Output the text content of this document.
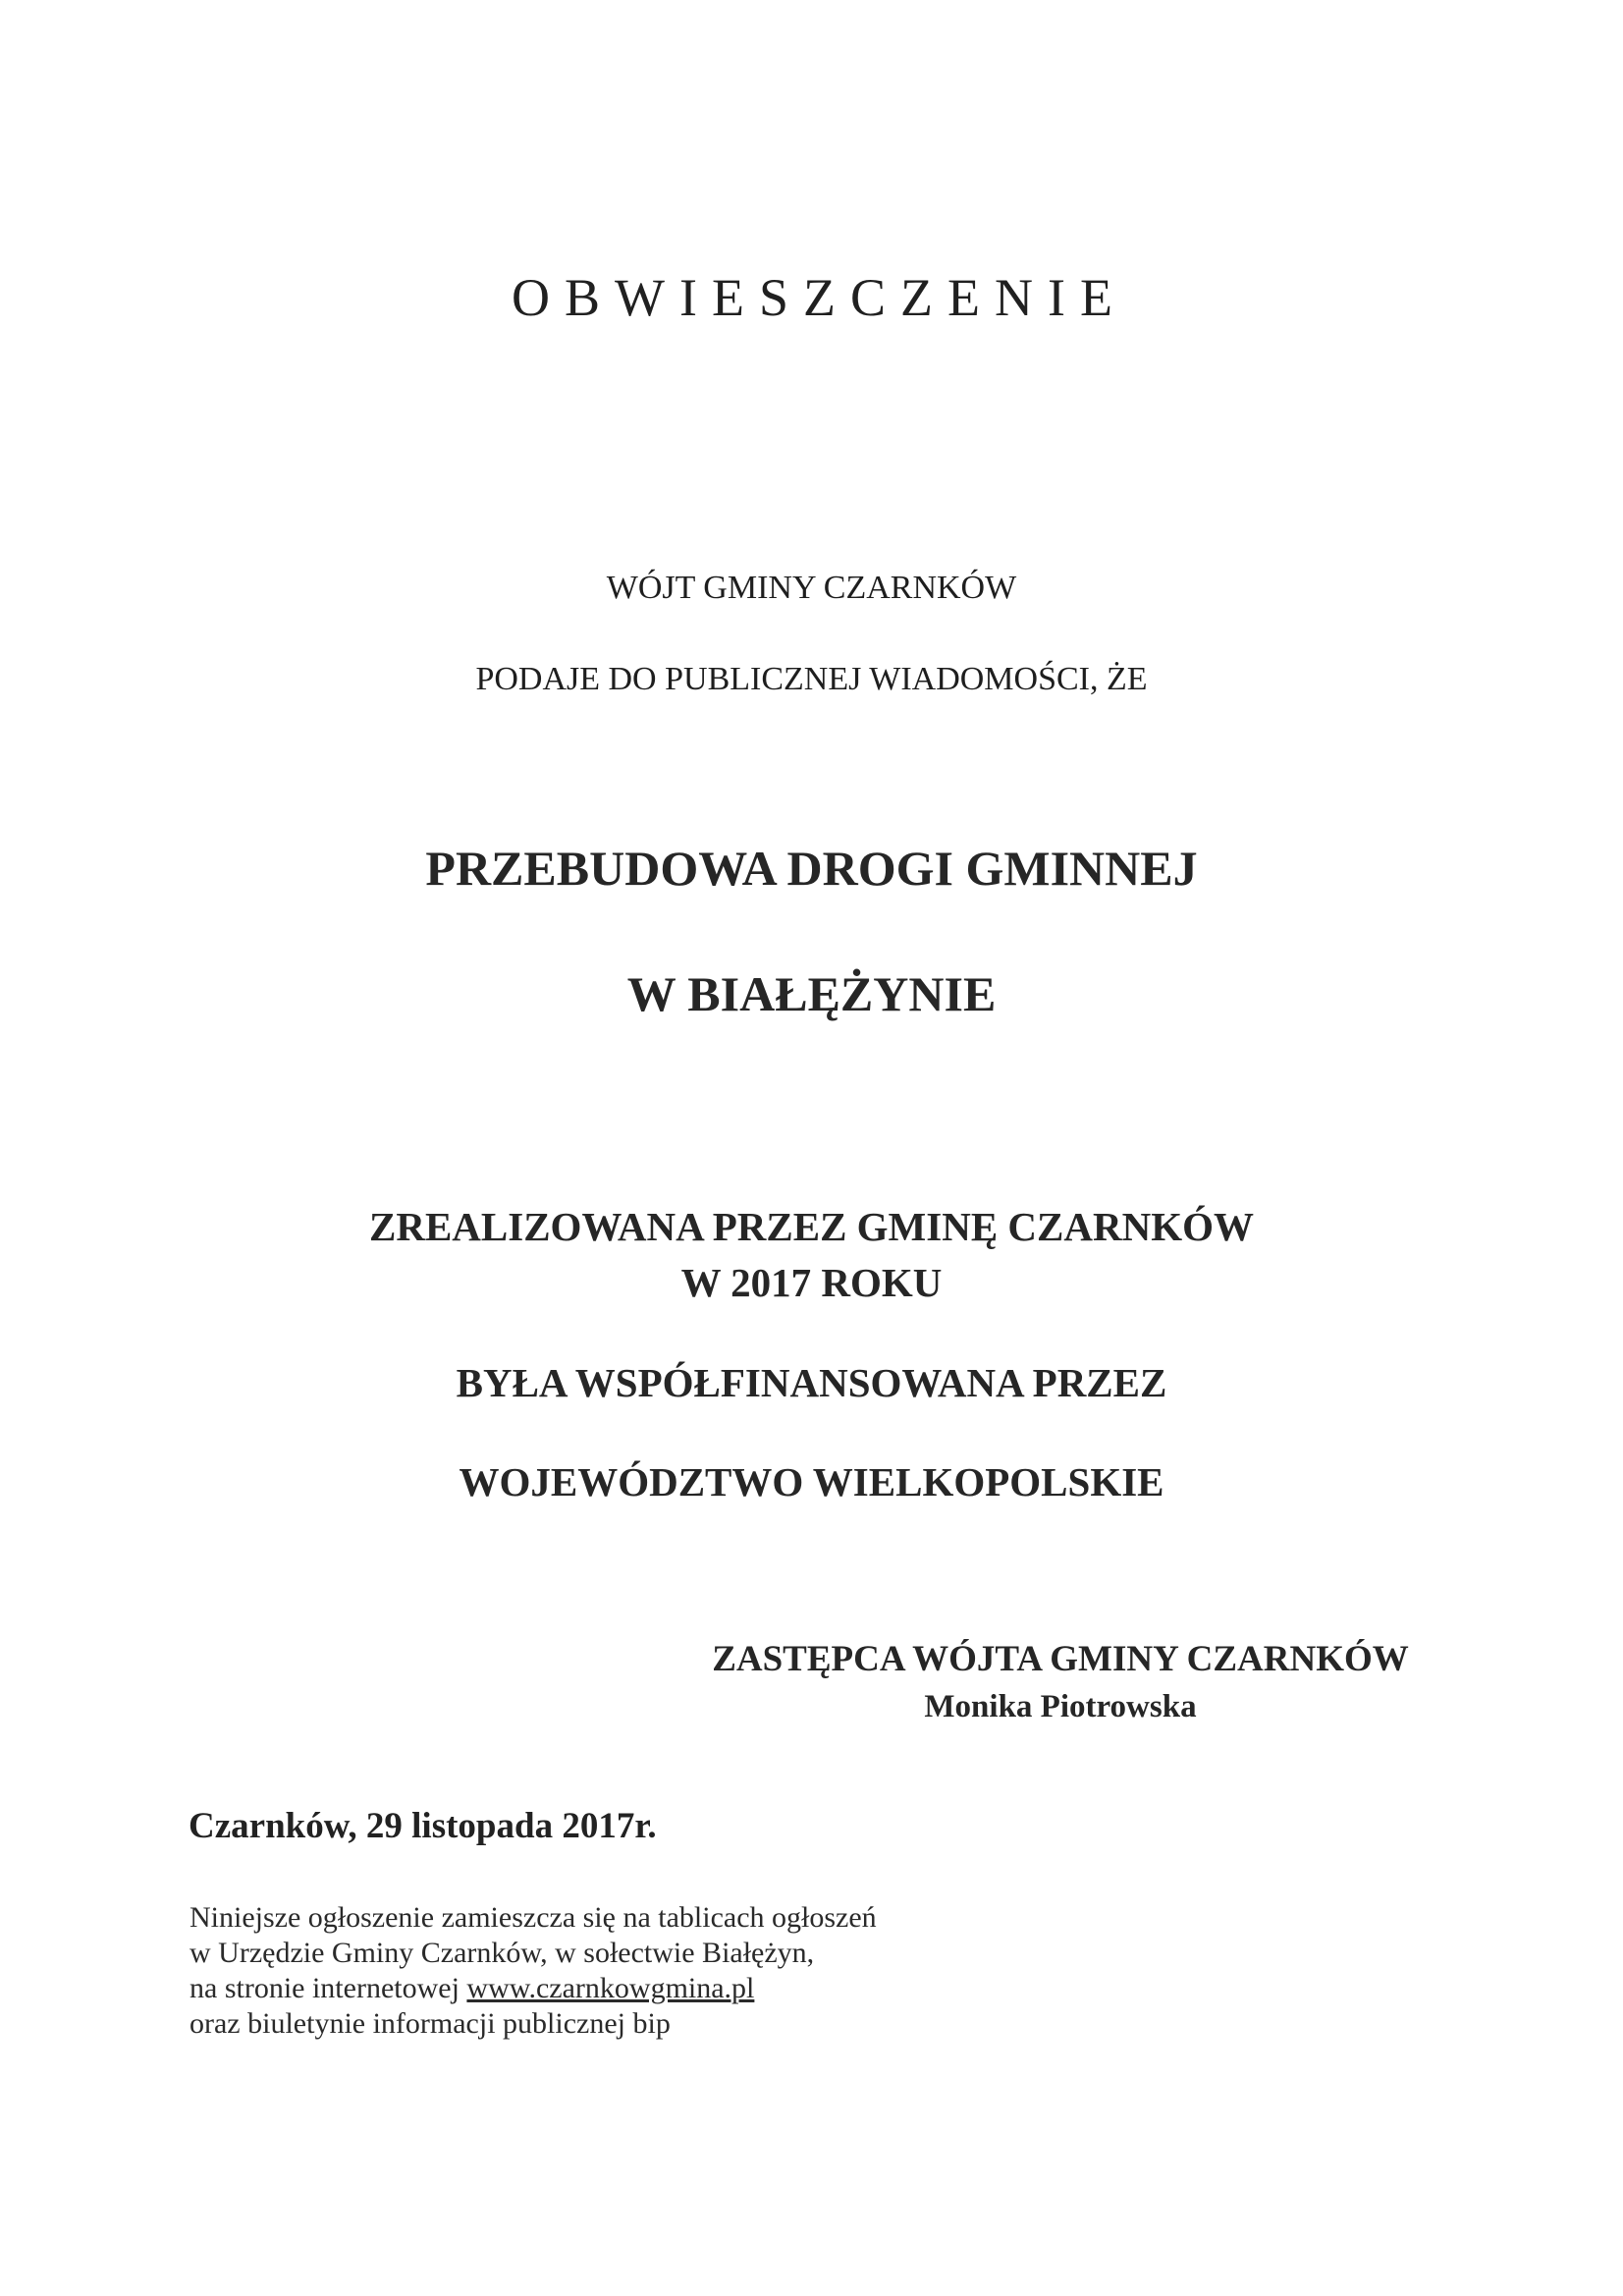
OBWIESZCZENIE
WÓJT GMINY CZARNKÓW
PODAJE DO PUBLICZNEJ WIADOMOŚCI, ŻE
PRZEBUDOWA DROGI GMINNEJ
W BIAŁĘŻYNIE
ZREALIZOWANA PRZEZ GMINĘ CZARNKÓW
W 2017 ROKU
BYŁA WSPÓŁFINANSOWANA PRZEZ
WOJEWÓDZTWO WIELKOPOLSKIE
ZASTĘPCA WÓJTA GMINY CZARNKÓW
Monika Piotrowska
Czarnków, 29 listopada 2017r.
Niniejsze ogłoszenie zamieszcza się na tablicach ogłoszeń
w Urzędzie Gminy Czarnków, w sołectwie Białężyn,
na stronie internetowej www.czarnkowgmina.pl
oraz biuletynie informacji publicznej bip
